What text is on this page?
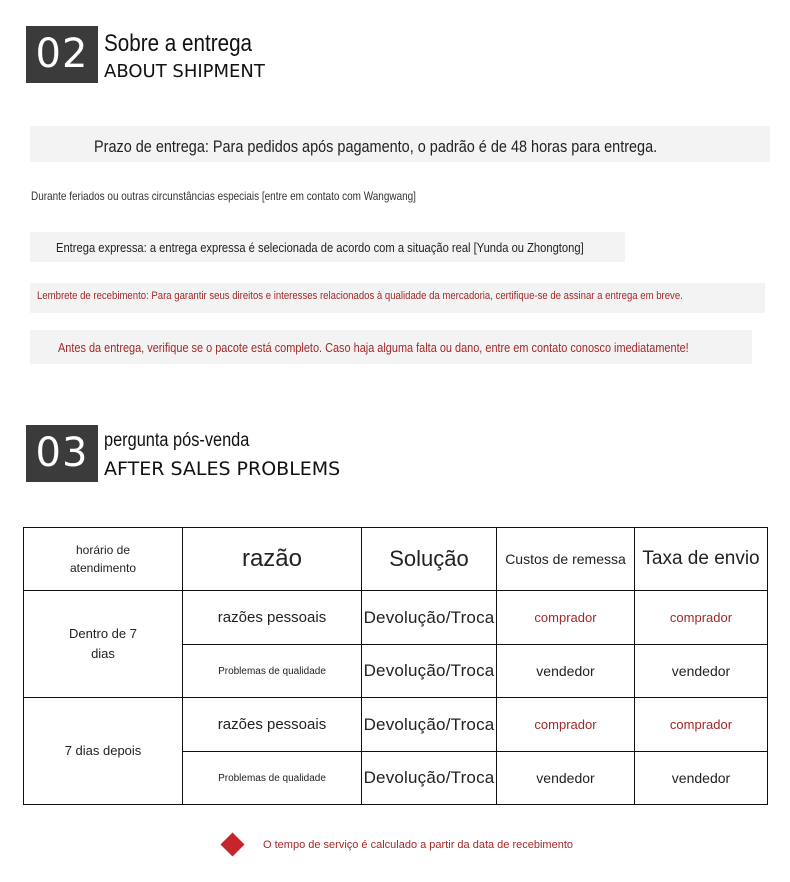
02 Sobre a entrega
ABOUT SHIPMENT
Prazo de entrega: Para pedidos após pagamento, o padrão é de 48 horas para entrega.
Durante feriados ou outras circunstâncias especiais [entre em contato com Wangwang]
Entrega expressa: a entrega expressa é selecionada de acordo com a situação real [Yunda ou Zhongtong]
Lembrete de recebimento: Para garantir seus direitos e interesses relacionados à qualidade da mercadoria, certifique-se de assinar a entrega em breve.
Antes da entrega, verifique se o pacote está completo. Caso haja alguma falta ou dano, entre em contato conosco imediatamente!
03 pergunta pós-venda
AFTER SALES PROBLEMS
horário de atendimento	razão	Solução	Custos de remessa	Taxa de envio

Dentro de 7 dias	razões pessoais	Devolução/Troca	comprador	comprador
	Problemas de qualidade	Devolução/Troca	vendedor	vendedor
7 dias depois	razões pessoais	Devolução/Troca	comprador	comprador
	Problemas de qualidade	Devolução/Troca	vendedor	vendedor
O tempo de serviço é calculado a partir da data de recebimento
